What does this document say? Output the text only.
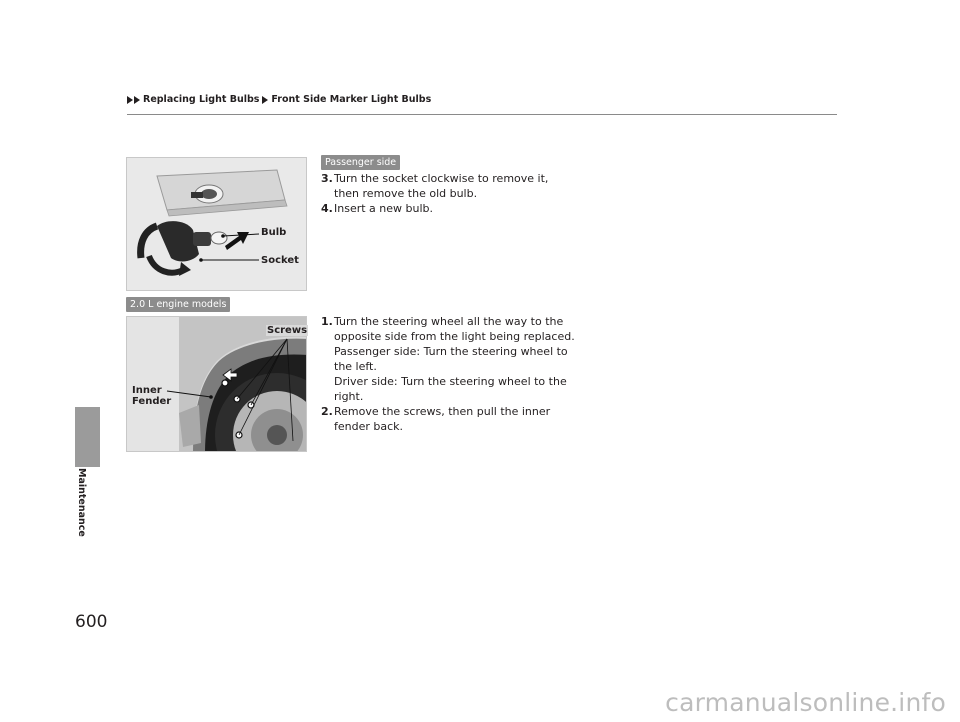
Replacing Light Bulbs Front Side Marker Light Bulbs
Maintenance
600
Bulb
Socket
Passenger side
3. Turn the socket clockwise to remove it,
then remove the old bulb.
4. Insert a new bulb.
2.0 L engine models
Screws
Inner
Fender
1. Turn the steering wheel all the way to the
opposite side from the light being replaced.
Passenger side: Turn the steering wheel to
the left.
Driver side: Turn the steering wheel to the
right.
2. Remove the screws, then pull the inner
fender back.
carmanualsonline.info
